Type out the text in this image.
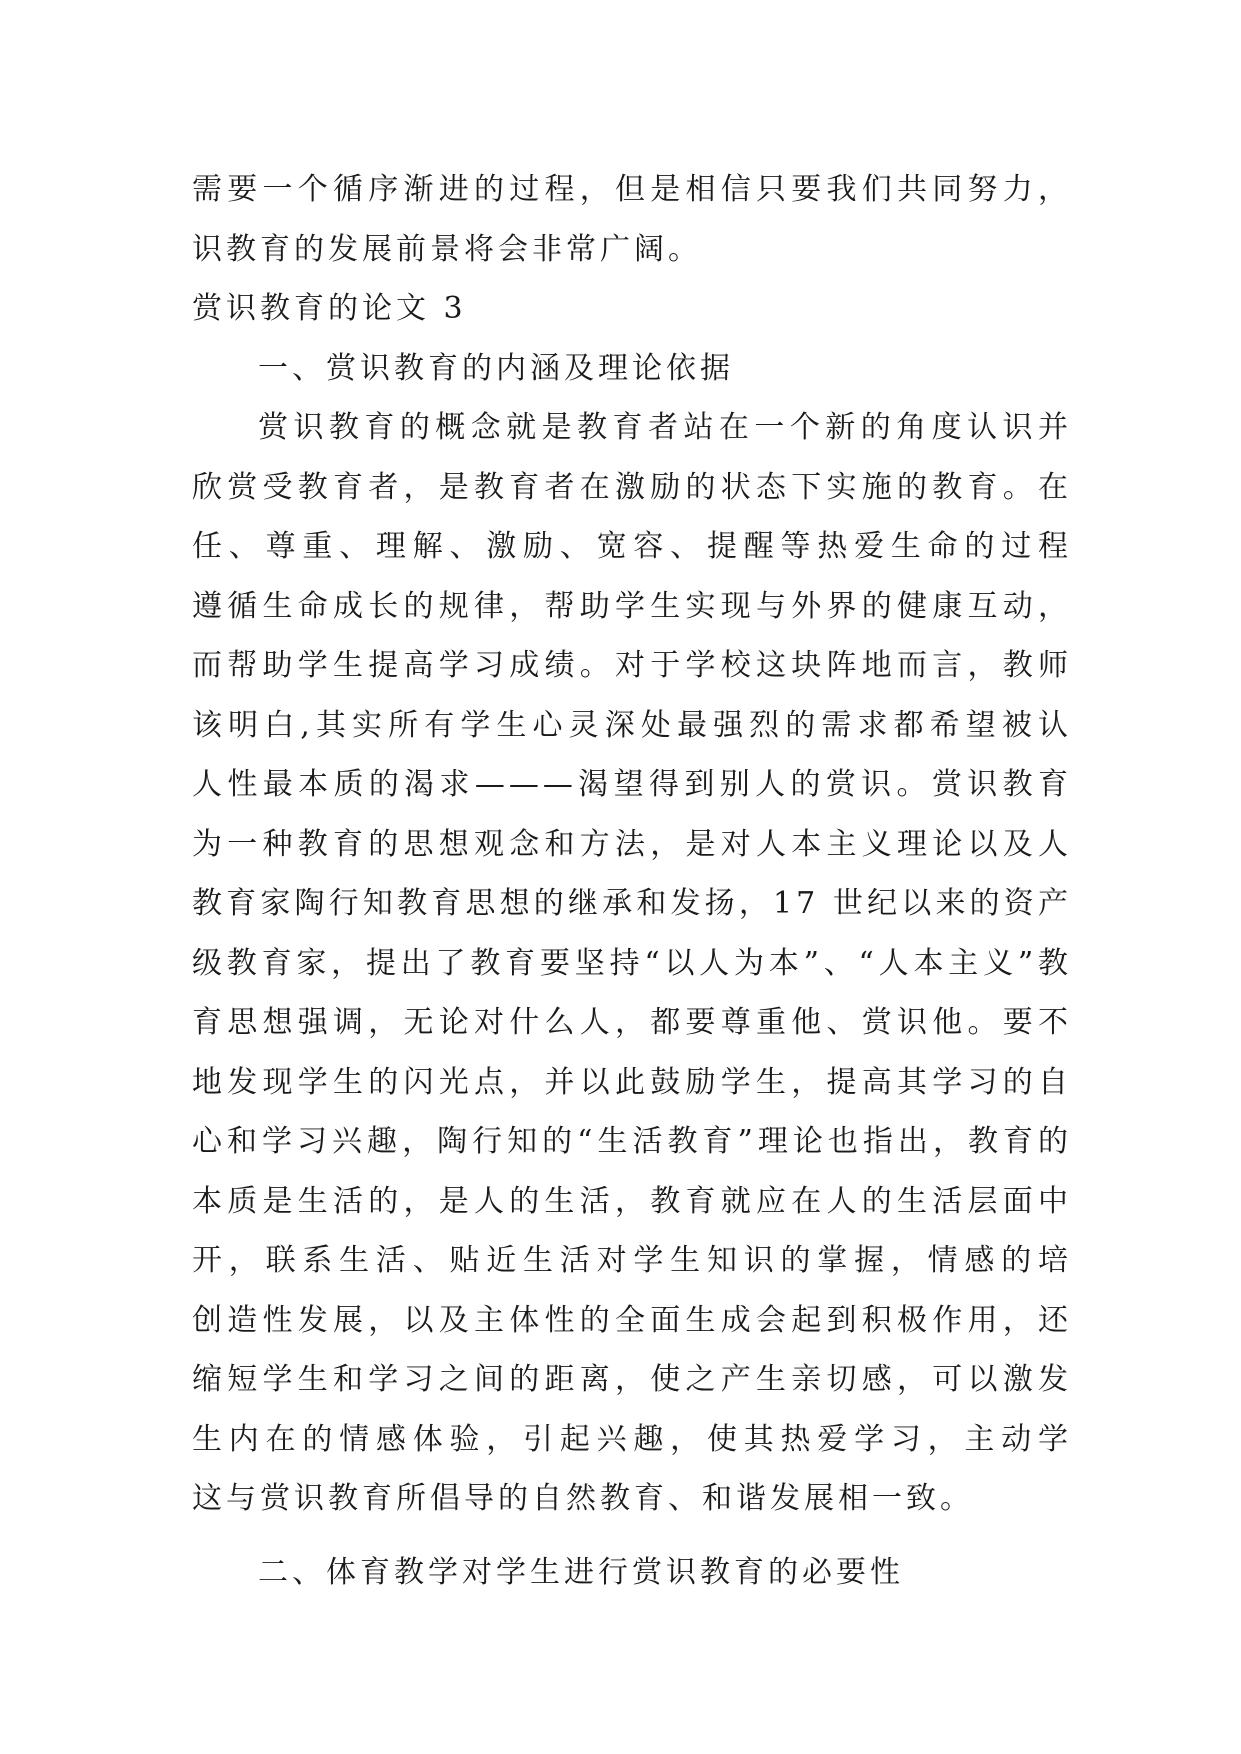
需要一个循序渐进的过程，但是相信只要我们共同努力，
识教育的发展前景将会非常广阔。
赏识教育的论文 3
一、赏识教育的内涵及理论依据
赏识教育的概念就是教育者站在一个新的角度认识并
欣赏受教育者，是教育者在激励的状态下实施的教育。在
任、尊重、理解、激励、宽容、提醒等热爱生命的过程
遵循生命成长的规律，帮助学生实现与外界的健康互动，
而帮助学生提高学习成绩。对于学校这块阵地而言，教师
该明白,其实所有学生心灵深处最强烈的需求都希望被认
人性最本质的渴求———渴望得到别人的赏识。赏识教育
为一种教育的思想观念和方法，是对人本主义理论以及人
教育家陶行知教育思想的继承和发扬，17 世纪以来的资产
级教育家，提出了教育要坚持“以人为本”、“人本主义”教
育思想强调，无论对什么人，都要尊重他、赏识他。要不
地发现学生的闪光点，并以此鼓励学生，提高其学习的自
心和学习兴趣，陶行知的“生活教育”理论也指出，教育的
本质是生活的，是人的生活，教育就应在人的生活层面中
开，联系生活、贴近生活对学生知识的掌握，情感的培
创造性发展，以及主体性的全面生成会起到积极作用，还
缩短学生和学习之间的距离，使之产生亲切感，可以激发
生内在的情感体验，引起兴趣，使其热爱学习，主动学
这与赏识教育所倡导的自然教育、和谐发展相一致。
二、体育教学对学生进行赏识教育的必要性
